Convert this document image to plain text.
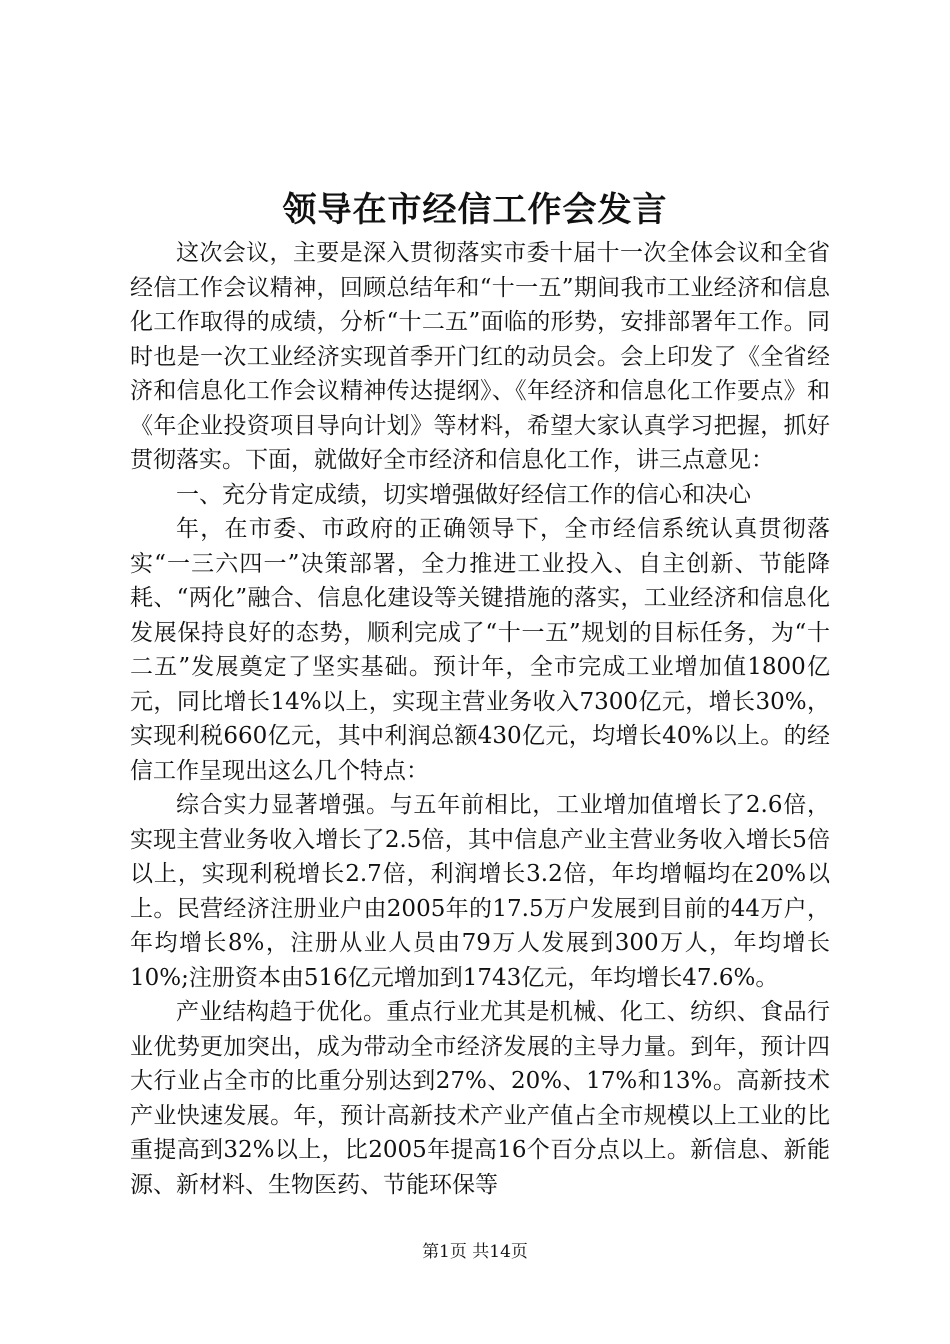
领导在市经信工作会发言

这次会议，主要是深入贯彻落实市委十届十一次全体会议和全省经信工作会议精神，回顾总结年和“十一五”期间我市工业经济和信息化工作取得的成绩，分析“十二五”面临的形势，安排部署年工作。同时也是一次工业经济实现首季开门红的动员会。会上印发了《全省经济和信息化工作会议精神传达提纲》、《年经济和信息化工作要点》和《年企业投资项目导向计划》等材料，希望大家认真学习把握，抓好贯彻落实。下面，就做好全市经济和信息化工作，讲三点意见：

一、充分肯定成绩，切实增强做好经信工作的信心和决心

年，在市委、市政府的正确领导下，全市经信系统认真贯彻落实“一三六四一”决策部署，全力推进工业投入、自主创新、节能降耗、“两化”融合、信息化建设等关键措施的落实，工业经济和信息化发展保持良好的态势，顺利完成了“十一五”规划的目标任务，为“十二五”发展奠定了坚实基础。预计年，全市完成工业增加值1800亿元，同比增长14%以上，实现主营业务收入7300亿元，增长30%，实现利税660亿元，其中利润总额430亿元，均增长40%以上。的经信工作呈现出这么几个特点：

综合实力显著增强。与五年前相比，工业增加值增长了2.6倍，实现主营业务收入增长了2.5倍，其中信息产业主营业务收入增长5倍以上，实现利税增长2.7倍，利润增长3.2倍，年均增幅均在20%以上。民营经济注册业户由2005年的17.5万户发展到目前的44万户，年均增长8%，注册从业人员由79万人发展到300万人，年均增长10%;注册资本由516亿元增加到1743亿元，年均增长47.6%。

产业结构趋于优化。重点行业尤其是机械、化工、纺织、食品行业优势更加突出，成为带动全市经济发展的主导力量。到年，预计四大行业占全市的比重分别达到27%、20%、17%和13%。高新技术产业快速发展。年，预计高新技术产业产值占全市规模以上工业的比重提高到32%以上，比2005年提高16个百分点以上。新信息、新能源、新材料、生物医药、节能环保等

第1页 共14页
